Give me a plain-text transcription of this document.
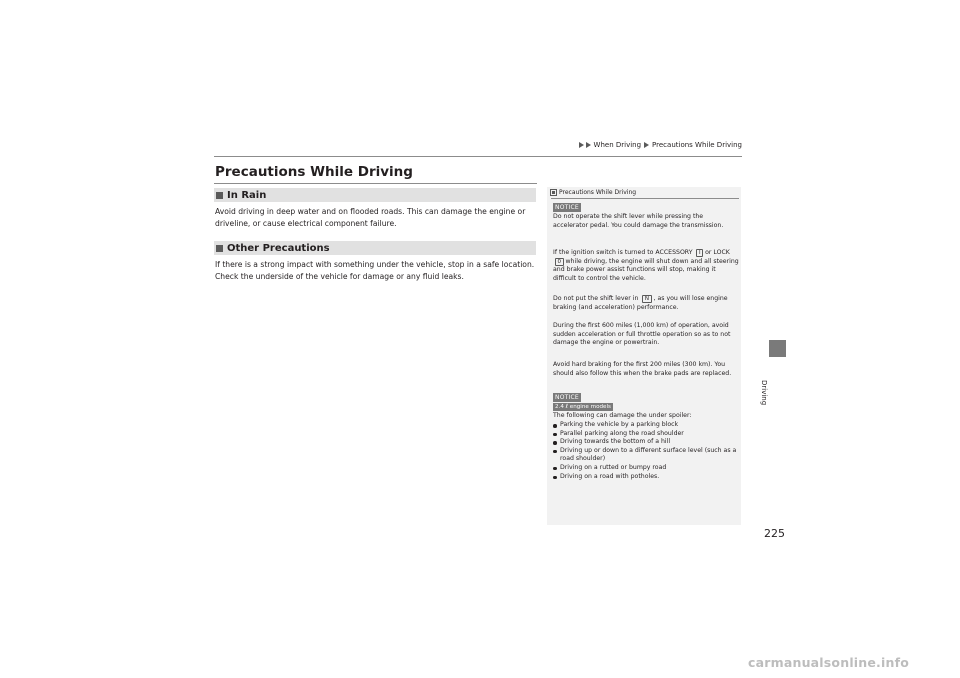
When Driving Precautions While Driving
Precautions While Driving
In Rain
Avoid driving in deep water and on flooded roads. This can damage the engine or driveline, or cause electrical component failure.
Other Precautions
If there is a strong impact with something under the vehicle, stop in a safe location. Check the underside of the vehicle for damage or any fluid leaks.
Precautions While Driving
NOTICE
Do not operate the shift lever while pressing the accelerator pedal. You could damage the transmission.
If the ignition switch is turned to ACCESSORY I or LOCK 0 while driving, the engine will shut down and all steering and brake power assist functions will stop, making it difficult to control the vehicle.
Do not put the shift lever in N , as you will lose engine braking (and acceleration) performance.
During the first 600 miles (1,000 km) of operation, avoid sudden acceleration or full throttle operation so as to not damage the engine or powertrain.
Avoid hard braking for the first 200 miles (300 km). You should also follow this when the brake pads are replaced.
NOTICE
2.4 ℓ engine models
The following can damage the under spoiler:
Parking the vehicle by a parking block
Parallel parking along the road shoulder
Driving towards the bottom of a hill
Driving up or down to a different surface level (such as a road shoulder)
Driving on a rutted or bumpy road
Driving on a road with potholes.
Driving
225
carmanualsonline.info
